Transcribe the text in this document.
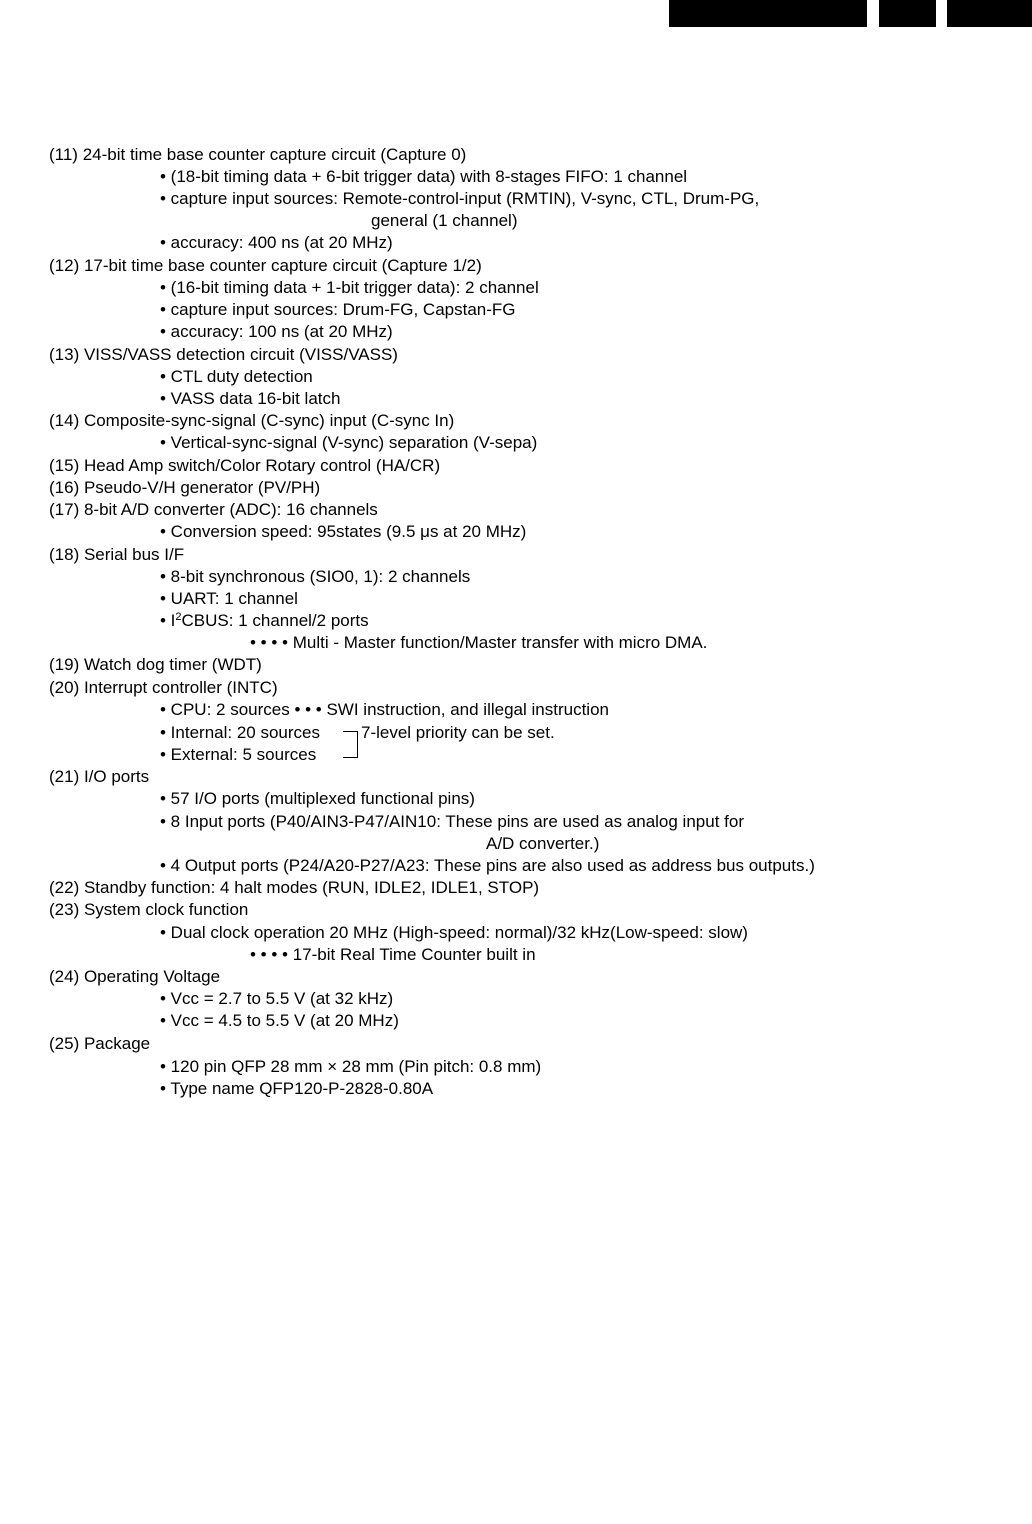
(11) 24-bit time base counter capture circuit (Capture 0)
• (18-bit timing data + 6-bit trigger data) with 8-stages FIFO: 1 channel
• capture input sources: Remote-control-input (RMTIN), V-sync, CTL, Drum-PG,
general (1 channel)
• accuracy: 400 ns (at 20 MHz)
(12) 17-bit time base counter capture circuit (Capture 1/2)
• (16-bit timing data + 1-bit trigger data): 2 channel
• capture input sources: Drum-FG, Capstan-FG
• accuracy: 100 ns (at 20 MHz)
(13) VISS/VASS detection circuit (VISS/VASS)
• CTL duty detection
• VASS data 16-bit latch
(14) Composite-sync-signal (C-sync) input (C-sync In)
• Vertical-sync-signal (V-sync) separation (V-sepa)
(15) Head Amp switch/Color Rotary control (HA/CR)
(16) Pseudo-V/H generator (PV/PH)
(17) 8-bit A/D converter (ADC): 16 channels
• Conversion speed: 95states (9.5 μs at 20 MHz)
(18) Serial bus I/F
• 8-bit synchronous (SIO0, 1): 2 channels
• UART: 1 channel
• $I^2CBUS$: 1 channel/2 ports
• • • • Multi - Master function/Master transfer with micro DMA.
(19) Watch dog timer (WDT)
(20) Interrupt controller (INTC)
• CPU: 2 sources • • • SWI instruction, and illegal instruction
• Internal: 20 sources
• External: 5 sources
7-level priority can be set.
(21) I/O ports
• 57 I/O ports (multiplexed functional pins)
• 8 Input ports (P40/AIN3-P47/AIN10: These pins are used as analog input for
A/D converter.)
• 4 Output ports (P24/A20-P27/A23: These pins are also used as address bus outputs.)
(22) Standby function: 4 halt modes (RUN, IDLE2, IDLE1, STOP)
(23) System clock function
• Dual clock operation 20 MHz (High-speed: normal)/32 kHz(Low-speed: slow)
• • • • 17-bit Real Time Counter built in
(24) Operating Voltage
• Vcc = 2.7 to 5.5 V (at 32 kHz)
• Vcc = 4.5 to 5.5 V (at 20 MHz)
(25) Package
• 120 pin QFP 28 mm × 28 mm (Pin pitch: 0.8 mm)
• Type name QFP120-P-2828-0.80A
